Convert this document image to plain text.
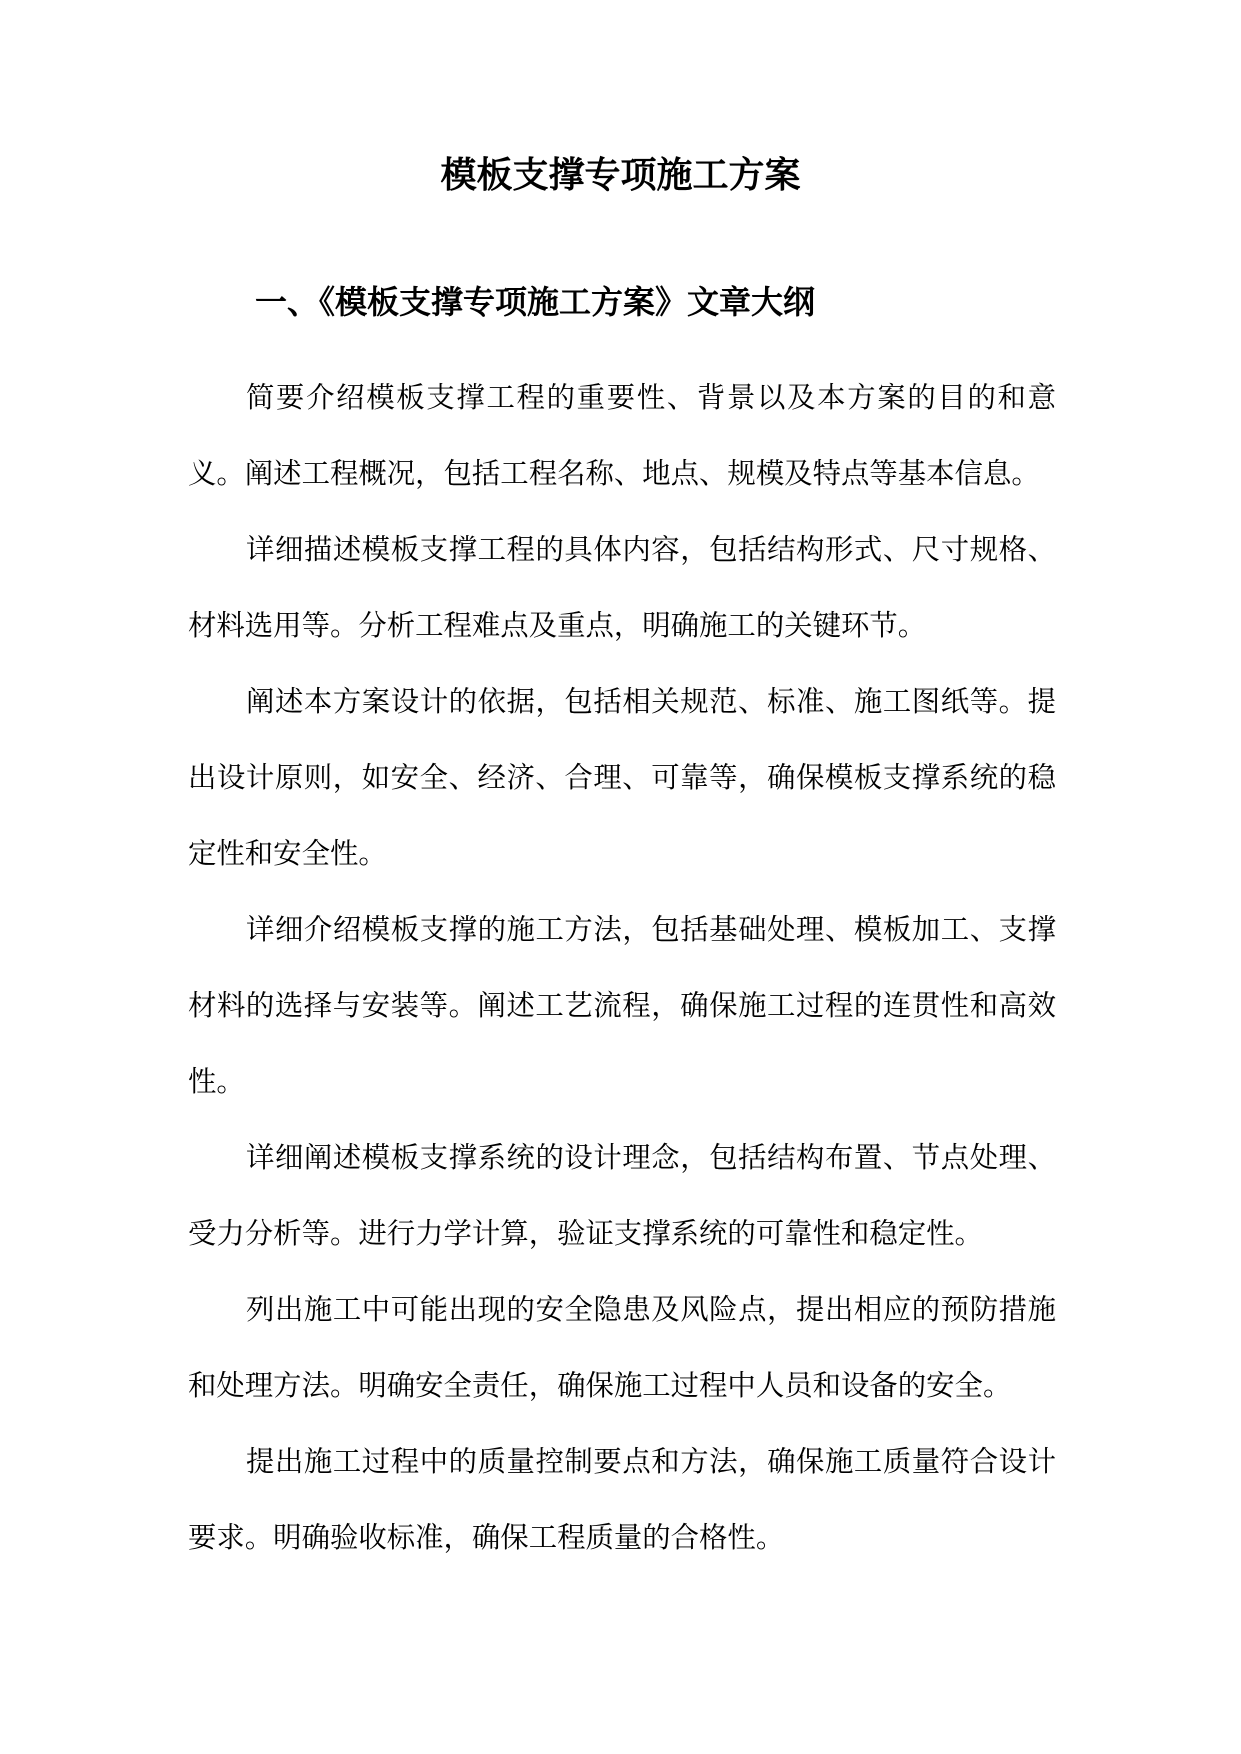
模板支撑专项施工方案
一、《模板支撑专项施工方案》文章大纲

简要介绍模板支撑工程的重要性、背景以及本方案的目的和意义。阐述工程概况，包括工程名称、地点、规模及特点等基本信息。

详细描述模板支撑工程的具体内容，包括结构形式、尺寸规格、材料选用等。分析工程难点及重点，明确施工的关键环节。

阐述本方案设计的依据，包括相关规范、标准、施工图纸等。提出设计原则，如安全、经济、合理、可靠等，确保模板支撑系统的稳定性和安全性。

详细介绍模板支撑的施工方法，包括基础处理、模板加工、支撑材料的选择与安装等。阐述工艺流程，确保施工过程的连贯性和高效性。

详细阐述模板支撑系统的设计理念，包括结构布置、节点处理、受力分析等。进行力学计算，验证支撑系统的可靠性和稳定性。

列出施工中可能出现的安全隐患及风险点，提出相应的预防措施和处理方法。明确安全责任，确保施工过程中人员和设备的安全。

提出施工过程中的质量控制要点和方法，确保施工质量符合设计要求。明确验收标准，确保工程质量的合格性。
